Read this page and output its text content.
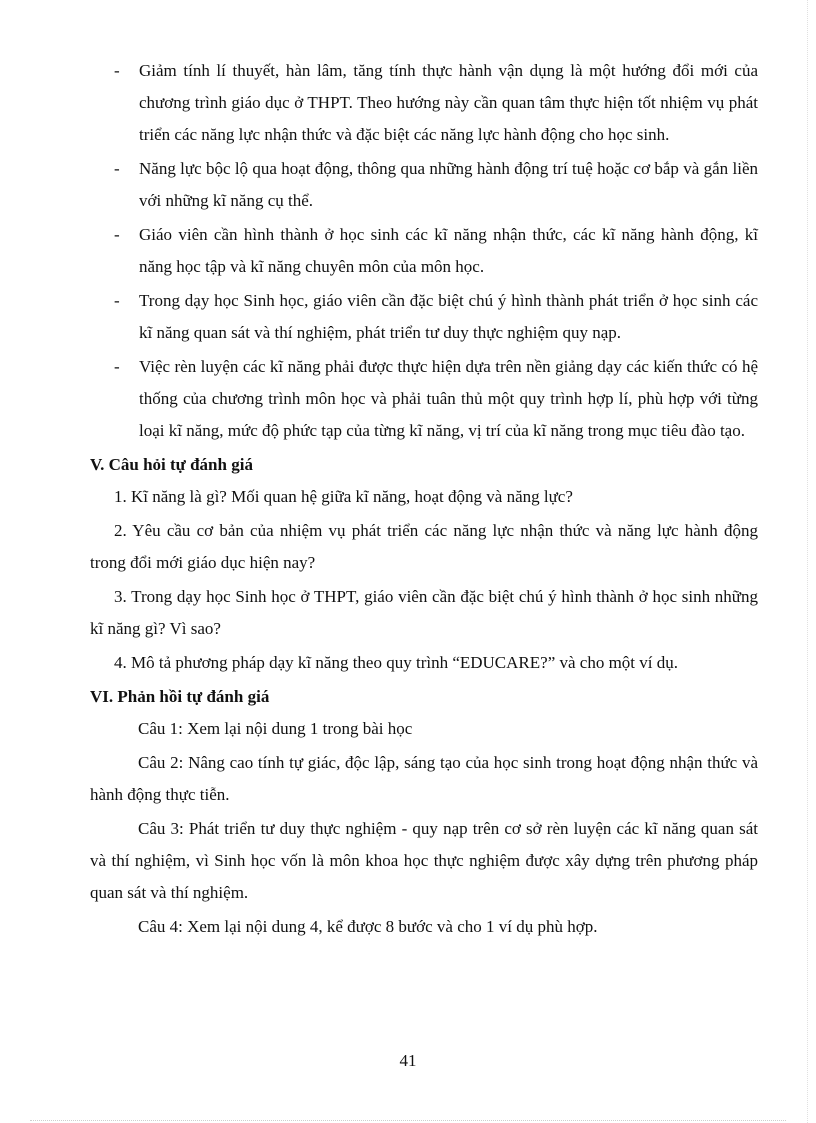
-	Giảm tính lí thuyết, hàn lâm, tăng tính thực hành vận dụng là một hướng đổi mới của chương trình giáo dục ở THPT. Theo hướng này cần quan tâm thực hiện tốt nhiệm vụ phát triển các năng lực nhận thức và đặc biệt các năng lực hành động cho học sinh.
-	Năng lực bộc lộ qua hoạt động, thông qua những hành động trí tuệ hoặc cơ bắp và gắn liền với những kĩ năng cụ thể.
-	Giáo viên cần hình thành ở học sinh các kĩ năng nhận thức, các kĩ năng hành động, kĩ năng học tập và kĩ năng chuyên môn của môn học.
-	Trong dạy học Sinh học, giáo viên cần đặc biệt chú ý hình thành phát triển ở học sinh các kĩ năng quan sát và thí nghiệm, phát triển tư duy thực nghiệm quy nạp.
-	Việc rèn luyện các kĩ năng phải được thực hiện dựa trên nền giảng dạy các kiến thức có hệ thống của chương trình môn học và phải tuân thủ một quy trình hợp lí, phù hợp với từng loại kĩ năng, mức độ phức tạp của từng kĩ năng, vị trí của kĩ năng trong mục tiêu đào tạo.

V. Câu hỏi tự đánh giá

1. Kĩ năng là gì? Mối quan hệ giữa kĩ năng, hoạt động và năng lực?

2. Yêu cầu cơ bản của nhiệm vụ phát triển các năng lực nhận thức và năng lực hành động trong đổi mới giáo dục hiện nay?

3. Trong dạy học Sinh học ở THPT, giáo viên cần đặc biệt chú ý hình thành ở học sinh những kĩ năng gì? Vì sao?

4. Mô tả phương pháp dạy kĩ năng theo quy trình “EDUCARE?” và cho một ví dụ.

VI. Phản hồi tự đánh giá

Câu 1: Xem lại nội dung 1 trong bài học

Câu 2: Nâng cao tính tự giác, độc lập, sáng tạo của học sinh trong hoạt động nhận thức và hành động thực tiễn.

Câu 3: Phát triển tư duy thực nghiệm - quy nạp trên cơ sở rèn luyện các kĩ năng quan sát và thí nghiệm, vì Sinh học vốn là môn khoa học thực nghiệm được xây dựng trên phương pháp quan sát và thí nghiệm.

Câu 4: Xem lại nội dung 4, kể được 8 bước và cho 1 ví dụ phù hợp.

41
